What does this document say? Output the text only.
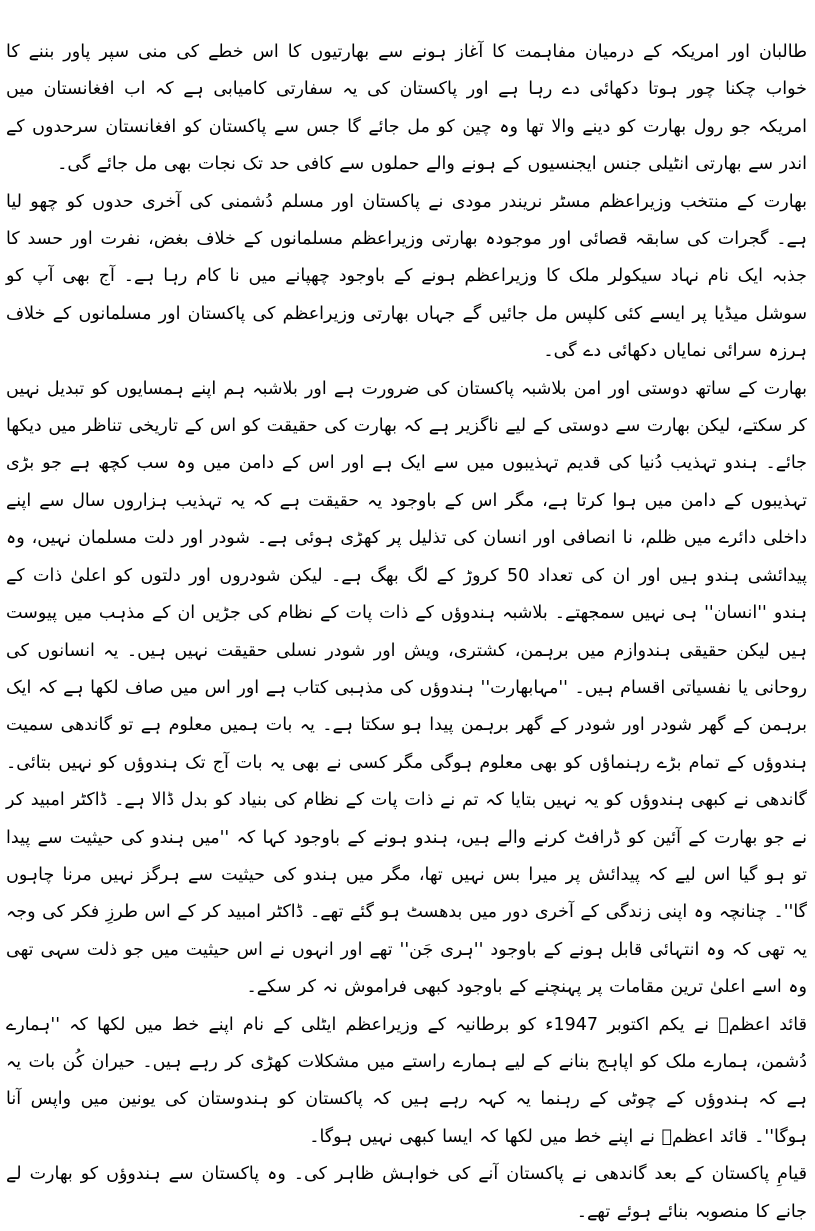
طالبان اور امریکہ کے درمیان مفاہمت کا آغاز ہونے سے بھارتیوں کا اس خطے کی منی سپر پاور بننے کا خواب چکنا چور ہوتا دکھائی دے رہا ہے اور پاکستان کی یہ سفارتی کامیابی ہے کہ اب افغانستان میں امریکہ جو رول بھارت کو دینے والا تھا وہ چین کو مل جائے گا جس سے پاکستان کو افغانستان سرحدوں کے اندر سے بھارتی انٹیلی جنس ایجنسیوں کے ہونے والے حملوں سے کافی حد تک نجات بھی مل جائے گی۔

بھارت کے منتخب وزیراعظم مسٹر نریندر مودی نے پاکستان اور مسلم دُشمنی کی آخری حدوں کو چھو لیا ہے۔ گجرات کی سابقہ قصائی اور موجودہ بھارتی وزیراعظم مسلمانوں کے خلاف بغض، نفرت اور حسد کا جذبہ ایک نام نہاد سیکولر ملک کا وزیراعظم ہونے کے باوجود چھپانے میں نا کام رہا ہے۔ آج بھی آپ کو سوشل میڈیا پر ایسے کئی کلپس مل جائیں گے جہاں بھارتی وزیراعظم کی پاکستان اور مسلمانوں کے خلاف ہرزہ سرائی نمایاں دکھائی دے گی۔

بھارت کے ساتھ دوستی اور امن بلاشبہ پاکستان کی ضرورت ہے اور بلاشبہ ہم اپنے ہمسایوں کو تبدیل نہیں کر سکتے، لیکن بھارت سے دوستی کے لیے ناگزیر ہے کہ بھارت کی حقیقت کو اس کے تاریخی تناظر میں دیکھا جائے۔ ہندو تہذیب دُنیا کی قدیم تہذیبوں میں سے ایک ہے اور اس کے دامن میں وہ سب کچھ ہے جو بڑی تہذیبوں کے دامن میں ہوا کرتا ہے، مگر اس کے باوجود یہ حقیقت ہے کہ یہ تہذیب ہزاروں سال سے اپنے داخلی دائرے میں ظلم، نا انصافی اور انسان کی تذلیل پر کھڑی ہوئی ہے۔ شودر اور دلت مسلمان نہیں، وہ پیدائشی ہندو ہیں اور ان کی تعداد 50 کروڑ کے لگ بھگ ہے۔ لیکن شودروں اور دلتوں کو اعلیٰ ذات کے ہندو ''انسان'' ہی نہیں سمجھتے۔ بلاشبہ ہندوؤں کے ذات پات کے نظام کی جڑیں ان کے مذہب میں پیوست ہیں لیکن حقیقی ہندوازم میں برہمن، کشتری، ویش اور شودر نسلی حقیقت نہیں ہیں۔ یہ انسانوں کی روحانی یا نفسیاتی اقسام ہیں۔ ''مہابھارت'' ہندوؤں کی مذہبی کتاب ہے اور اس میں صاف لکھا ہے کہ ایک برہمن کے گھر شودر اور شودر کے گھر برہمن پیدا ہو سکتا ہے۔ یہ بات ہمیں معلوم ہے تو گاندھی سمیت ہندوؤں کے تمام بڑے رہنماؤں کو بھی معلوم ہوگی مگر کسی نے بھی یہ بات آج تک ہندوؤں کو نہیں بتائی۔ گاندھی نے کبھی ہندوؤں کو یہ نہیں بتایا کہ تم نے ذات پات کے نظام کی بنیاد کو بدل ڈالا ہے۔ ڈاکٹر امبید کر نے جو بھارت کے آئین کو ڈرافٹ کرنے والے ہیں، ہندو ہونے کے باوجود کہا کہ ''میں ہندو کی حیثیت سے پیدا تو ہو گیا اس لیے کہ پیدائش پر میرا بس نہیں تھا، مگر میں ہندو کی حیثیت سے ہرگز نہیں مرنا چاہوں گا''۔ چنانچہ وہ اپنی زندگی کے آخری دور میں بدھسٹ ہو گئے تھے۔ ڈاکٹر امبید کر کے اس طرزِ فکر کی وجہ یہ تھی کہ وہ انتہائی قابل ہونے کے باوجود ''ہری جَن'' تھے اور انہوں نے اس حیثیت میں جو ذلت سہی تھی وہ اسے اعلیٰ ترین مقامات پر پہنچنے کے باوجود کبھی فراموش نہ کر سکے۔

قائد اعظمؒ نے یکم اکتوبر 1947ء کو برطانیہ کے وزیراعظم ایٹلی کے نام اپنے خط میں لکھا کہ ''ہمارے دُشمن، ہمارے ملک کو اپاہج بنانے کے لیے ہمارے راستے میں مشکلات کھڑی کر رہے ہیں۔ حیران کُن بات یہ ہے کہ ہندوؤں کے چوٹی کے رہنما یہ کہہ رہے ہیں کہ پاکستان کو ہندوستان کی یونین میں واپس آنا ہوگا''۔ قائد اعظمؒ نے اپنے خط میں لکھا کہ ایسا کبھی نہیں ہوگا۔

قیامِ پاکستان کے بعد گاندھی نے پاکستان آنے کی خواہش ظاہر کی۔ وہ پاکستان سے ہندوؤں کو بھارت لے جانے کا منصوبہ بنائے ہوئے تھے۔
